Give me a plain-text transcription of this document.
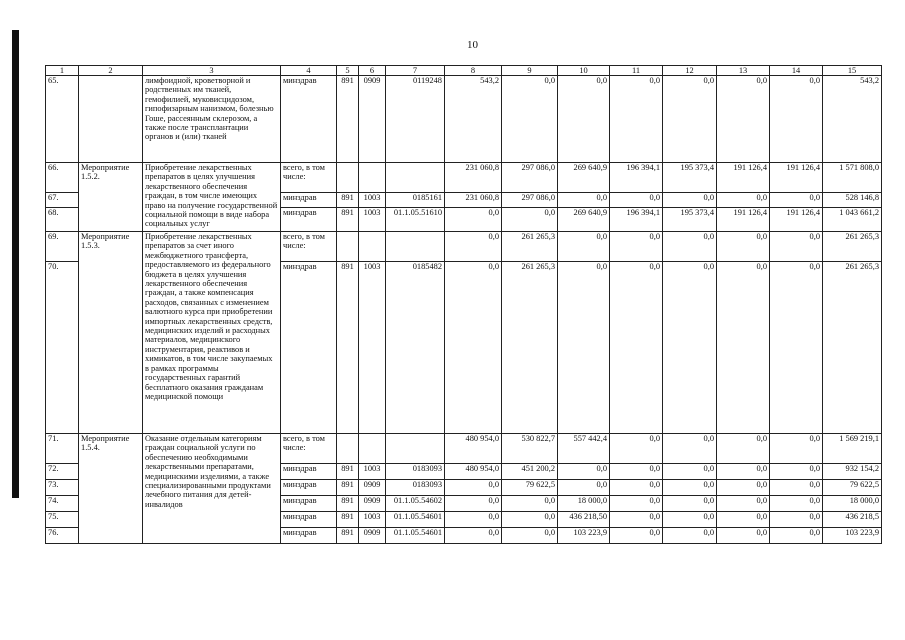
10
1	2	3	4	5	6	7	8	9	10	11	12	13	14	15
65.		лимфоидной, кроветворной и родственных им тканей, гемофилией, муковисцидозом, гипофизарным нанизмом, болезнью Гоше, рассеянным склерозом, а также после трансплантации органов и (или) тканей	минздрав	891	0909	0119248	543,2	0,0	0,0	0,0	0,0	0,0	0,0	543,2
66.	Мероприятие 1.5.2.	Приобретение лекарственных препаратов в целях улучшения лекарственного обеспечения граждан, в том числе имеющих право на получение государственной социальной помощи в виде набора социальных услуг	всего, в том числе:				231 060,8	297 086,0	269 640,9	196 394,1	195 373,4	191 126,4	191 126,4	1 571 808,0
67.			минздрав	891	1003	0185161	231 060,8	297 086,0	0,0	0,0	0,0	0,0	0,0	528 146,8
68.			минздрав	891	1003	01.1.05.51610	0,0	0,0	269 640,9	196 394,1	195 373,4	191 126,4	191 126,4	1 043 661,2
69.	Мероприятие 1.5.3.	Приобретение лекарственных препаратов за счет иного межбюджетного трансферта, предоставляемого из федерального бюджета в целях улучшения лекарственного обеспечения граждан, а также компенсация расходов, связанных с изменением валютного курса при приобретении импортных лекарственных средств, медицинских изделий и расходных материалов, медицинского инструментария, реактивов и химикатов, в том числе закупаемых в рамках программы государственных гарантий бесплатного оказания гражданам медицинской помощи	всего, в том числе:				0,0	261 265,3	0,0	0,0	0,0	0,0	0,0	261 265,3
70.			минздрав	891	1003	0185482	0,0	261 265,3	0,0	0,0	0,0	0,0	0,0	261 265,3
71.	Мероприятие 1.5.4.	Оказание отдельным категориям граждан социальной услуги по обеспечению необходимыми лекарственными препаратами, медицинскими изделиями, а также специализированными продуктами лечебного питания для детей-инвалидов	всего, в том числе:				480 954,0	530 822,7	557 442,4	0,0	0,0	0,0	0,0	1 569 219,1
72.			минздрав	891	1003	0183093	480 954,0	451 200,2	0,0	0,0	0,0	0,0	0,0	932 154,2
73.			минздрав	891	0909	0183093	0,0	79 622,5	0,0	0,0	0,0	0,0	0,0	79 622,5
74.			минздрав	891	0909	01.1.05.54602	0,0	0,0	18 000,0	0,0	0,0	0,0	0,0	18 000,0
75.			минздрав	891	1003	01.1.05.54601	0,0	0,0	436 218,50	0,0	0,0	0,0	0,0	436 218,5
76.			минздрав	891	0909	01.1.05.54601	0,0	0,0	103 223,9	0,0	0,0	0,0	0,0	103 223,9
